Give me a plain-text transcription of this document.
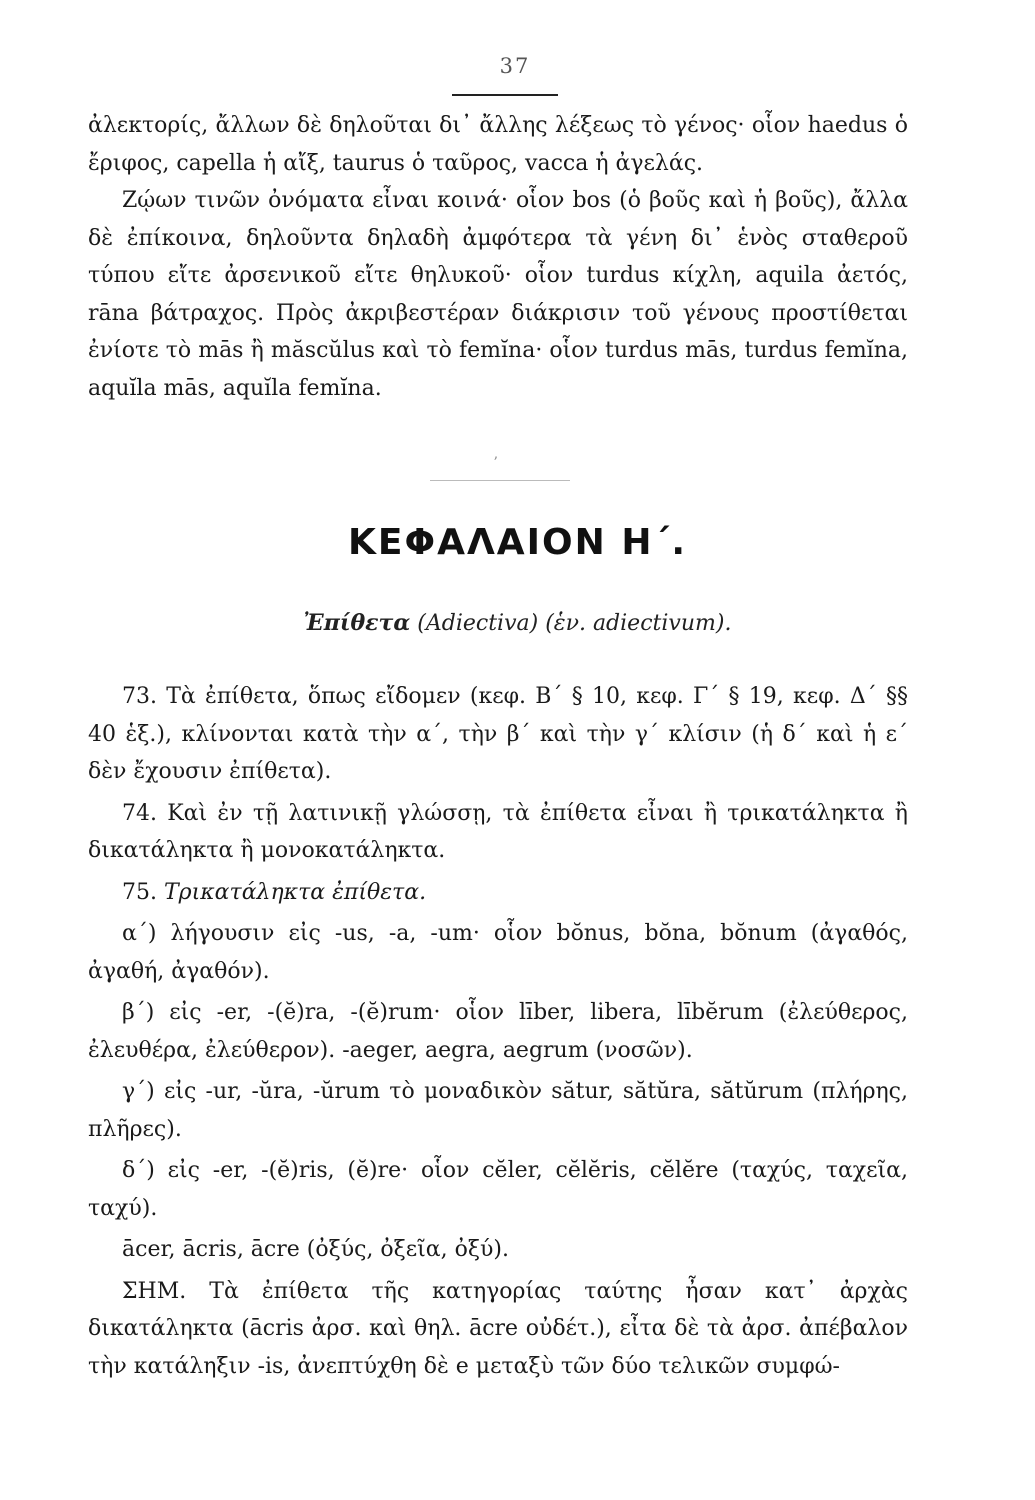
37

ἀλεκτορίς, ἄλλων δὲ δηλοῦται δι᾿ ἄλλης λέξεως τὸ γένος· οἷον haedus ὁ ἔριφος, capella ἡ αἴξ, taurus ὁ ταῦρος, vacca ἡ ἀγελάς.

Ζῴων τινῶν ὀνόματα εἶναι κοινά· οἷον bos (ὁ βοῦς καὶ ἡ βοῦς), ἄλλα δὲ ἐπίκοινα, δηλοῦντα δηλαδὴ ἀμφότερα τὰ γένη δι᾿ ἑνὸς σταθεροῦ τύπου εἴτε ἀρσενικοῦ εἴτε θηλυκοῦ· οἷον turdus κίχλη, aquila ἀετός, rāna βάτραχος. Πρὸς ἀκριβεστέραν διάκρισιν τοῦ γένους προστίθεται ἐνίοτε τὸ mās ἢ măscŭlus καὶ τὸ femĭna· οἷον turdus mās, turdus femĭna, aquĭla mās, aquĭla femĭna.

ʼ
ΚΕΦΑΛΑΙΟΝ Η΄.
Ἐπίθετα (Adiectiva) (ἑν. adiectivum).

73. Τὰ ἐπίθετα, ὅπως εἴδομεν (κεφ. Β΄ § 10, κεφ. Γ΄ § 19, κεφ. Δ΄ §§ 40 ἑξ.), κλίνονται κατὰ τὴν α΄, τὴν β΄ καὶ τὴν γ΄ κλίσιν (ἡ δ΄ καὶ ἡ ε΄ δὲν ἔχουσιν ἐπίθετα).

74. Καὶ ἐν τῇ λατινικῇ γλώσσῃ, τὰ ἐπίθετα εἶναι ἢ τρικατάληκτα ἢ δικατάληκτα ἢ μονοκατάληκτα.

75. Τρικατάληκτα ἐπίθετα.

α΄) λήγουσιν εἰς -us, -a, -um· οἷον bŏnus, bŏna, bŏnum (ἀγαθός, ἀγαθή, ἀγαθόν).

β΄) εἰς -er, -(ĕ)ra, -(ĕ)rum· οἷον līber, libera, lībĕrum (ἐλεύθερος, ἐλευθέρα, ἐλεύθερον). -aeger, aegra, aegrum (νοσῶν).

γ΄) εἰς -ur, -ŭra, -ŭrum τὸ μοναδικὸν sătur, sătŭra, sătŭrum (πλήρης, πλῆρες).

δ΄) εἰς -er, -(ĕ)ris, (ĕ)re· οἷον cĕler, cĕlĕris, cĕlĕre (ταχύς, ταχεῖα, ταχύ).

ācer, ācris, ācre (ὀξύς, ὀξεῖα, ὀξύ).

ΣΗΜ. Τὰ ἐπίθετα τῆς κατηγορίας ταύτης ἦσαν κατ᾿ ἀρχὰς δικατάληκτα (ācris ἀρσ. καὶ θηλ. ācre οὐδέτ.), εἶτα δὲ τὰ ἀρσ. ἀπέβαλον τὴν κατάληξιν -is, ἀνεπτύχθη δὲ e μεταξὺ τῶν δύο τελικῶν συμφώ-
